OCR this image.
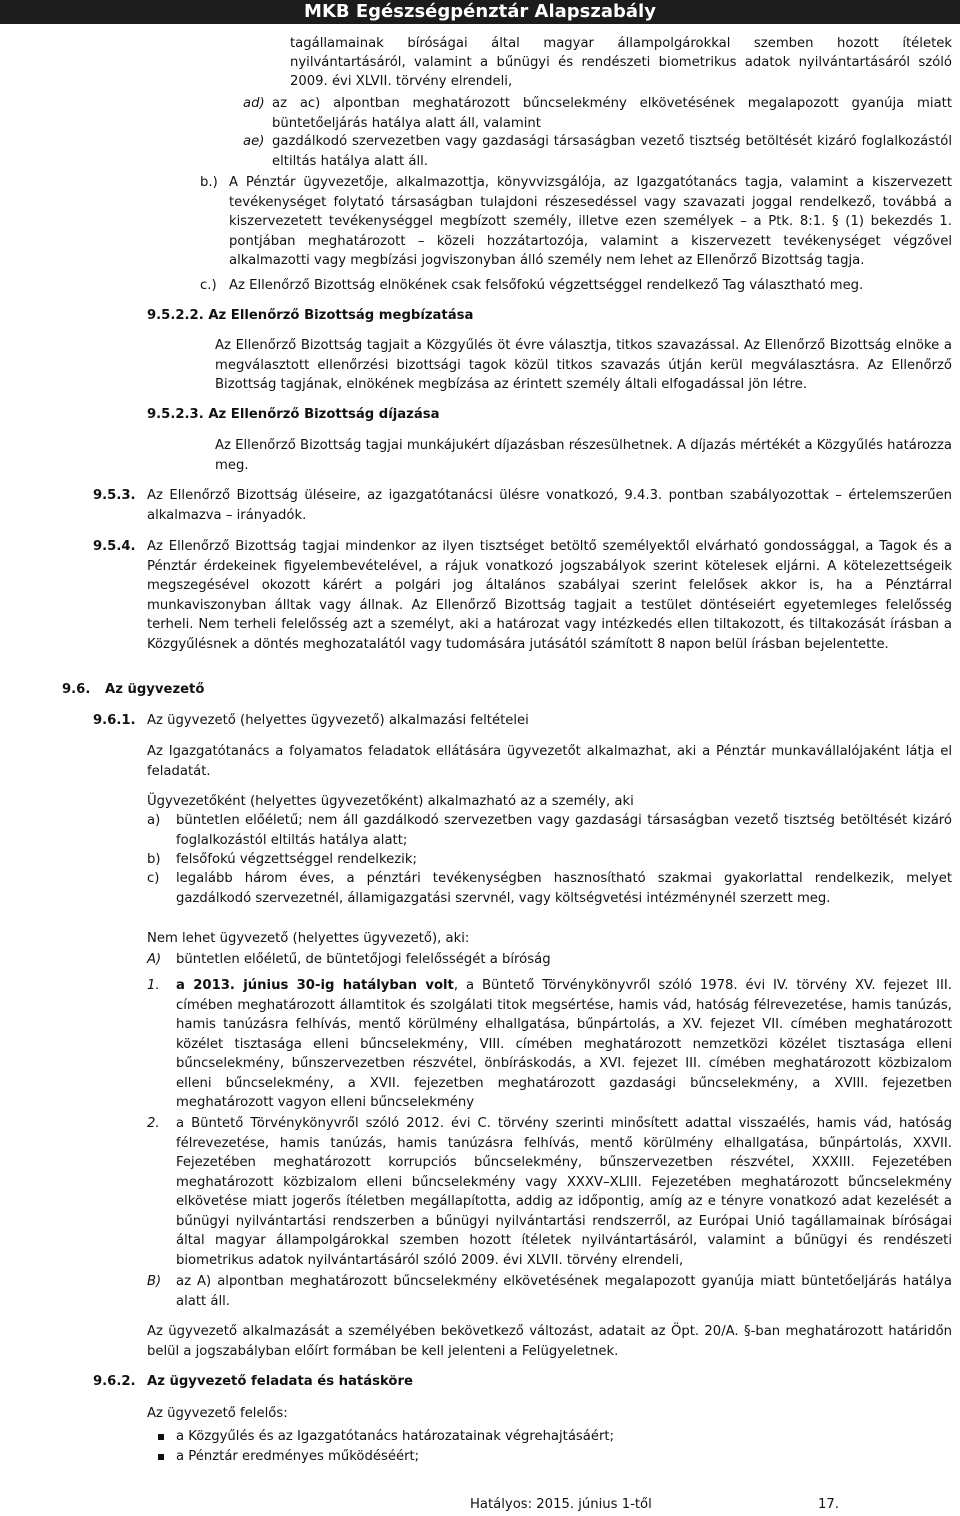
MKB Egészségpénztár Alapszabály
tagállamainak bíróságai által magyar állampolgárokkal szemben hozott ítéletek
nyilvántartásáról, valamint a bűnügyi és rendészeti biometrikus adatok nyilvántartásáról szóló
2009. évi XLVII. törvény elrendeli,
ad) az ac) alpontban meghatározott bűncselekmény elkövetésének megalapozott gyanúja miatt büntetőeljárás hatálya alatt áll, valamint
ae) gazdálkodó szervezetben vagy gazdasági társaságban vezető tisztség betöltését kizáró foglalkozástól eltiltás hatálya alatt áll.
b.) A Pénztár ügyvezetője, alkalmazottja, könyvvizsgálója, az Igazgatótanács tagja, valamint a kiszervezett tevékenységet folytató társaságban tulajdoni részesedéssel vagy szavazati joggal rendelkező, továbbá a kiszervezetett tevékenységgel megbízott személy, illetve ezen személyek – a Ptk. 8:1. § (1) bekezdés 1. pontjában meghatározott – közeli hozzátartozója, valamint a kiszervezett tevékenységet végzővel alkalmazotti vagy megbízási jogviszonyban álló személy nem lehet az Ellenőrző Bizottság tagja.
c.) Az Ellenőrző Bizottság elnökének csak felsőfokú végzettséggel rendelkező Tag választható meg.
9.5.2.2. Az Ellenőrző Bizottság megbízatása
Az Ellenőrző Bizottság tagjait a Közgyűlés öt évre választja, titkos szavazással. Az Ellenőrző Bizottság elnöke a megválasztott ellenőrzési bizottsági tagok közül titkos szavazás útján kerül megválasztásra. Az Ellenőrző Bizottság tagjának, elnökének megbízása az érintett személy általi elfogadással jön létre.
9.5.2.3. Az Ellenőrző Bizottság díjazása
Az Ellenőrző Bizottság tagjai munkájukért díjazásban részesülhetnek. A díjazás mértékét a Közgyűlés határozza meg.
9.5.3. Az Ellenőrző Bizottság üléseire, az igazgatótanácsi ülésre vonatkozó, 9.4.3. pontban szabályozottak – értelemszerűen alkalmazva – irányadók.
9.5.4. Az Ellenőrző Bizottság tagjai mindenkor az ilyen tisztséget betöltő személyektől elvárható gondossággal, a Tagok és a Pénztár érdekeinek figyelembevételével, a rájuk vonatkozó jogszabályok szerint kötelesek eljárni. A kötelezettségeik megszegésével okozott kárért a polgári jog általános szabályai szerint felelősek akkor is, ha a Pénztárral munkaviszonyban álltak vagy állnak. Az Ellenőrző Bizottság tagjait a testület döntéseiért egyetemleges felelősség terheli. Nem terheli felelősség azt a személyt, aki a határozat vagy intézkedés ellen tiltakozott, és tiltakozását írásban a Közgyűlésnek a döntés meghozatalától vagy tudomására jutásától számított 8 napon belül írásban bejelentette.
9.6. Az ügyvezető
9.6.1. Az ügyvezető (helyettes ügyvezető) alkalmazási feltételei
Az Igazgatótanács a folyamatos feladatok ellátására ügyvezetőt alkalmazhat, aki a Pénztár munkavállalójaként látja el feladatát.
Ügyvezetőként (helyettes ügyvezetőként) alkalmazható az a személy, aki
a) büntetlen előéletű; nem áll gazdálkodó szervezetben vagy gazdasági társaságban vezető tisztség betöltését kizáró foglalkozástól eltiltás hatálya alatt;
b) felsőfokú végzettséggel rendelkezik;
c) legalább három éves, a pénztári tevékenységben hasznosítható szakmai gyakorlattal rendelkezik, melyet gazdálkodó szervezetnél, államigazgatási szervnél, vagy költségvetési intézménynél szerzett meg.
Nem lehet ügyvezető (helyettes ügyvezető), aki:
A) büntetlen előéletű, de büntetőjogi felelősségét a bíróság
1. a 2013. június 30-ig hatályban volt, a Büntető Törvénykönyvről szóló 1978. évi IV. törvény XV. fejezet III. címében meghatározott államtitok és szolgálati titok megsértése, hamis vád, hatóság félrevezetése, hamis tanúzás, hamis tanúzásra felhívás, mentő körülmény elhallgatása, bűnpártolás, a XV. fejezet VII. címében meghatározott közélet tisztasága elleni bűncselekmény, VIII. címében meghatározott nemzetközi közélet tisztasága elleni bűncselekmény, bűnszervezetben részvétel, önbíráskodás, a XVI. fejezet III. címében meghatározott közbizalom elleni bűncselekmény, a XVII. fejezetben meghatározott gazdasági bűncselekmény, a XVIII. fejezetben meghatározott vagyon elleni bűncselekmény
2. a Büntető Törvénykönyvről szóló 2012. évi C. törvény szerinti minősített adattal visszaélés, hamis vád, hatóság félrevezetése, hamis tanúzás, hamis tanúzásra felhívás, mentő körülmény elhallgatása, bűnpártolás, XXVII. Fejezetében meghatározott korrupciós bűncselekmény, bűnszervezetben részvétel, XXXIII. Fejezetében meghatározott közbizalom elleni bűncselekmény vagy XXXV–XLIII. Fejezetében meghatározott bűncselekmény elkövetése miatt jogerős ítéletben megállapította, addig az időpontig, amíg az e tényre vonatkozó adat kezelését a bűnügyi nyilvántartási rendszerben a bűnügyi nyilvántartási rendszerről, az Európai Unió tagállamainak bíróságai által magyar állampolgárokkal szemben hozott ítéletek nyilvántartásáról, valamint a bűnügyi és rendészeti biometrikus adatok nyilvántartásáról szóló 2009. évi XLVII. törvény elrendeli,
B) az A) alpontban meghatározott bűncselekmény elkövetésének megalapozott gyanúja miatt büntetőeljárás hatálya alatt áll.
Az ügyvezető alkalmazását a személyében bekövetkező változást, adatait az Öpt. 20/A. §-ban meghatározott határidőn belül a jogszabályban előírt formában be kell jelenteni a Felügyeletnek.
9.6.2. Az ügyvezető feladata és hatásköre
Az ügyvezető felelős:
a Közgyűlés és az Igazgatótanács határozatainak végrehajtásáért;
a Pénztár eredményes működéséért;
Hatályos: 2015. június 1-től	17.
